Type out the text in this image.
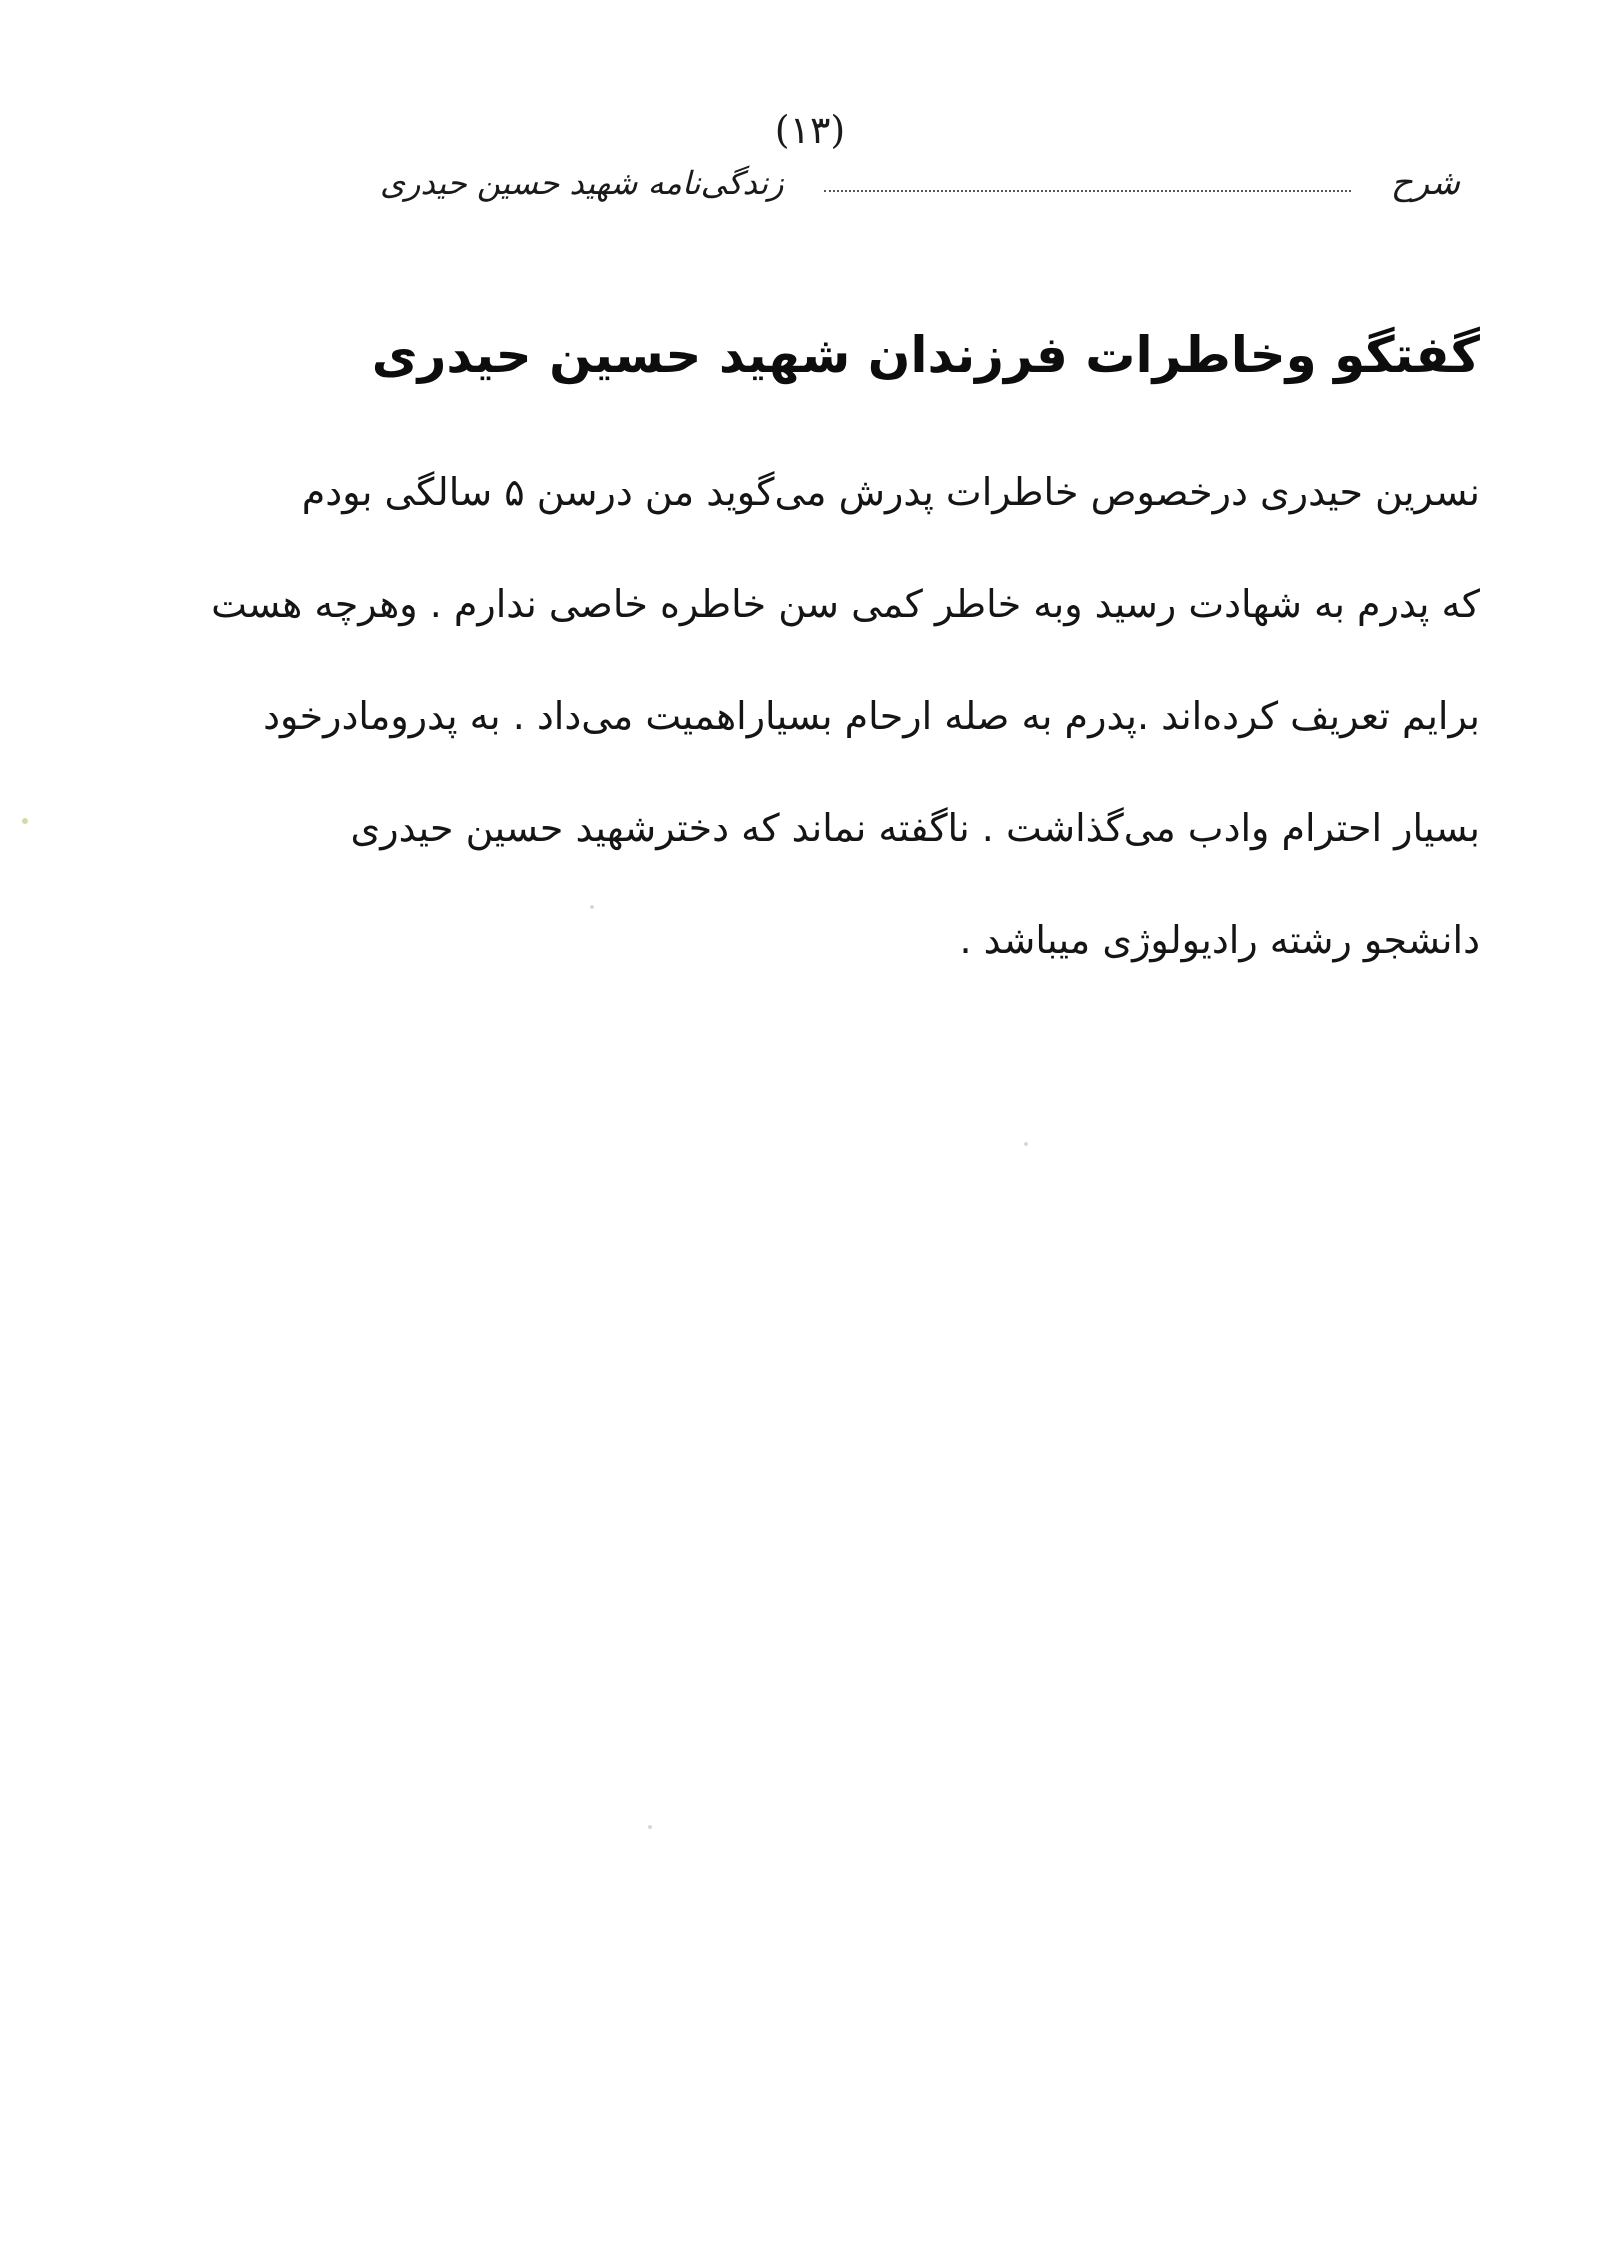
(۱۳)
شرح
زندگی‌نامه شهید حسین حیدری
گفتگو وخاطرات فرزندان شهید حسین حیدری
نسرین حیدری درخصوص خاطرات پدرش می‌گوید من درسن ۵ سالگی بودم
که پدرم به شهادت رسید وبه خاطر کمی سن خاطره خاصی ندارم . وهرچه هست
برایم تعریف کرده‌اند .پدرم به صله ارحام بسیاراهمیت می‌داد . به پدرومادرخود
بسیار احترام وادب می‌گذاشت . ناگفته نماند که دخترشهید حسین حیدری
دانشجو رشته رادیولوژی میباشد .
